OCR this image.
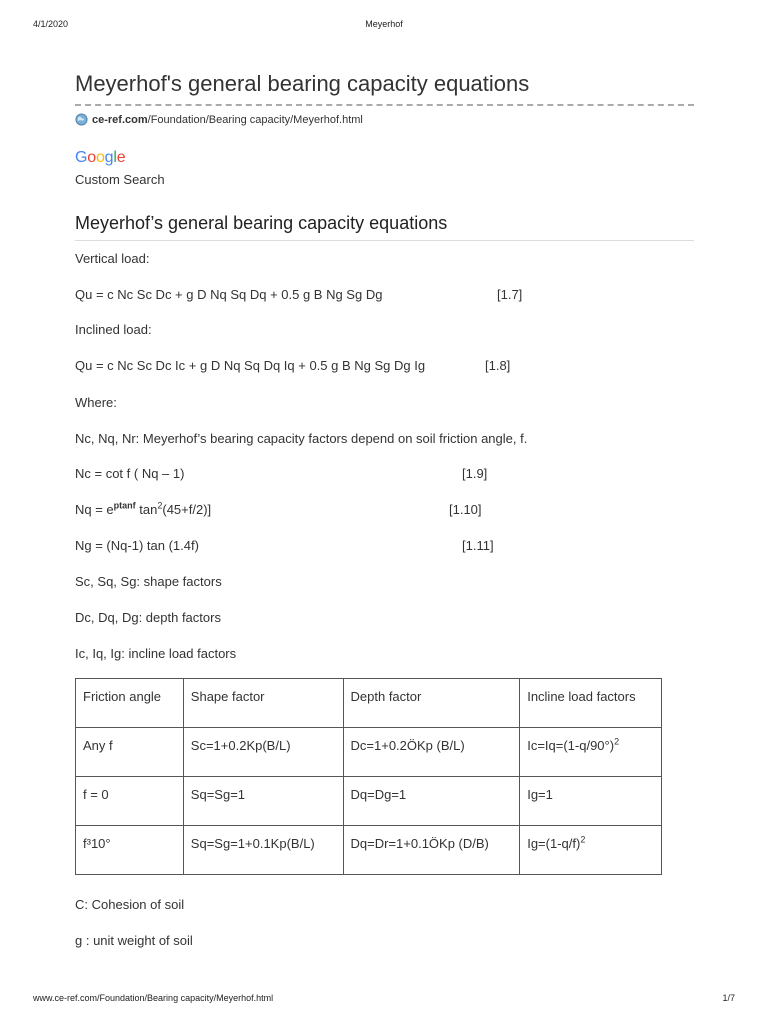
4/1/2020	Meyerhof
Meyerhof's general bearing capacity equations
ce-ref.com /Foundation/Bearing capacity/Meyerhof.html
Google
Custom Search
Meyerhof’s general bearing capacity equations
Vertical load:
Qu = c Nc Sc Dc + g D Nq Sq Dq + 0.5 g B Ng Sg Dg	[1.7]
Inclined load:
Qu = c Nc Sc Dc Ic + g D Nq Sq Dq Iq + 0.5 g B Ng Sg Dg Ig	[1.8]
Where:
Nc, Nq, Nr: Meyerhof’s bearing capacity factors depend on soil friction angle, f.
Nc = cot f ( Nq – 1)	[1.9]
$Nq = e^{ptanf}$ $\tan^2(45+f/2)$]	[1.10]
Ng = (Nq-1) tan (1.4f)	[1.11]
Sc, Sq, Sg: shape factors
Dc, Dq, Dg: depth factors
Ic, Iq, Ig: incline load factors
Friction angle	Shape factor	Depth factor	Incline load factors
Any f	Sc=1+0.2Kp(B/L)	Dc=1+0.2ÖKp (B/L)	$Ic=Iq=(1-q/90^\circ)^2$
f = 0	Sq=Sg=1	Dq=Dg=1	Ig=1
f³10°	Sq=Sg=1+0.1Kp(B/L)	Dq=Dr=1+0.1ÖKp (D/B)	$Ig=(1-q/f)^2$
C: Cohesion of soil
g : unit weight of soil
www.ce-ref.com/Foundation/Bearing capacity/Meyerhof.html	1/7
